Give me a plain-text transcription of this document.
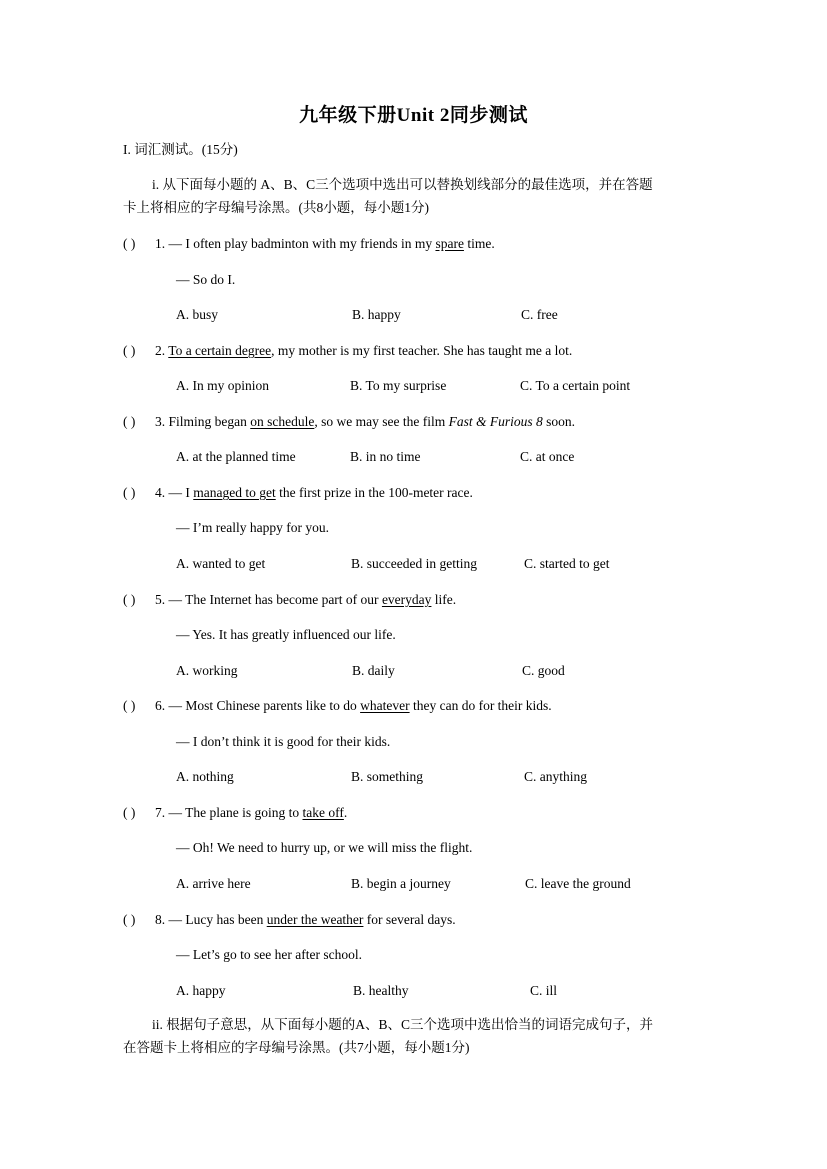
九年级下册Unit 2同步测试
I. 词汇测试。(15分)
i. 从下面每小题的 A、B、C三个选项中选出可以替换划线部分的最佳选项，并在答题
卡上将相应的字母编号涂黑。(共8小题，每小题1分)
( ) 1. — I often play badminton with my friends in my spare time.
— So do I.
A. busy	B. happy	C. free
( ) 2. To a certain degree, my mother is my first teacher. She has taught me a lot.
A. In my opinion	B. To my surprise	C. To a certain point
( ) 3. Filming began on schedule, so we may see the film Fast & Furious 8 soon.
A. at the planned time	B. in no time	C. at once
( ) 4. — I managed to get the first prize in the 100-meter race.
— I’m really happy for you.
A. wanted to get	B. succeeded in getting	C. started to get
( ) 5. — The Internet has become part of our everyday life.
— Yes. It has greatly influenced our life.
A. working	B. daily	C. good
( ) 6. — Most Chinese parents like to do whatever they can do for their kids.
— I don’t think it is good for their kids.
A. nothing	B. something	C. anything
( ) 7. — The plane is going to take off.
— Oh! We need to hurry up, or we will miss the flight.
A. arrive here	B. begin a journey	C. leave the ground
( ) 8. — Lucy has been under the weather for several days.
— Let’s go to see her after school.
A. happy	B. healthy	C. ill
ii. 根据句子意思，从下面每小题的A、B、C三个选项中选出恰当的词语完成句子，并
在答题卡上将相应的字母编号涂黑。(共7小题，每小题1分)
